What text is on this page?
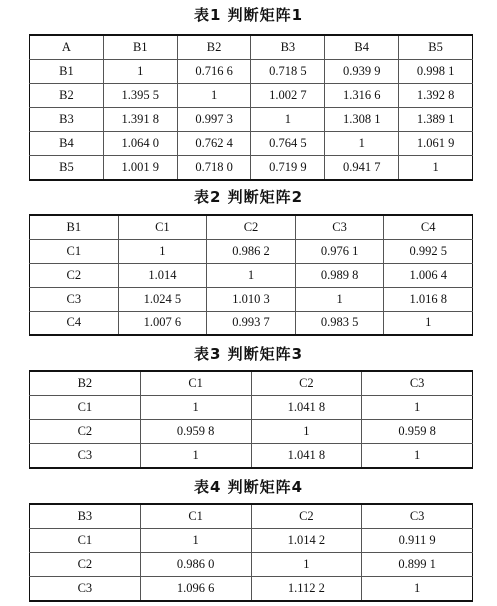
表1 判断矩阵1
A	B1	B2	B3	B4	B5
B1	1	0.716 6	0.718 5	0.939 9	0.998 1
B2	1.395 5	1	1.002 7	1.316 6	1.392 8
B3	1.391 8	0.997 3	1	1.308 1	1.389 1
B4	1.064 0	0.762 4	0.764 5	1	1.061 9
B5	1.001 9	0.718 0	0.719 9	0.941 7	1
表2 判断矩阵2
B1	C1	C2	C3	C4
C1	1	0.986 2	0.976 1	0.992 5
C2	1.014	1	0.989 8	1.006 4
C3	1.024 5	1.010 3	1	1.016 8
C4	1.007 6	0.993 7	0.983 5	1
表3 判断矩阵3
B2	C1	C2	C3
C1	1	1.041 8	1
C2	0.959 8	1	0.959 8
C3	1	1.041 8	1
表4 判断矩阵4
B3	C1	C2	C3
C1	1	1.014 2	0.911 9
C2	0.986 0	1	0.899 1
C3	1.096 6	1.112 2	1
